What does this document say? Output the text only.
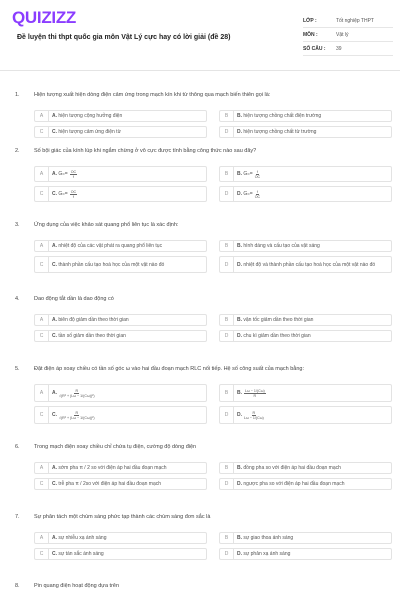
QUIZIZZ
Đề luyện thi thpt quốc gia môn Vật Lý cực hay có lời giải (đề 28)
LỚP :	Tốt nghiệp THPT
MÔN :	Vật lý
SỐ CÂU :	39
1.	Hiện tượng xuất hiện dòng điện cảm ứng trong mạch kín khi từ thông qua mạch biến thiên gọi là:
A	A.
hiện tượng cộng hưởng điện	B	B.
hiện tượng chồng chất điện trường
C	C.
hiện tượng cảm ứng điện từ	D	D.
hiện tượng chồng chất từ trường
2.	Số bội giác của kính lúp khi ngắm chừng ở vô cực được tính bằng công thức nào sau đây?
A	A.
G ∞ = $\frac{OC}{f}$	B	B.
G ∞ = $\frac{f}{OC}$
C	C.
G ∞ = $\frac{OC}{f}$	D	D.
G ∞ = $\frac{f}{OC}$
3.	Ứng dụng của việc khảo sát quang phổ liên tục là xác định:
A	A.
nhiệt độ của các vật phát ra quang phổ liên tục	B	B.
hình dáng và cấu tạo của vật sáng
C	C. thành phần cấu tạo hoá học của một vật nào đó	D	D. nhiệt độ và thành phần cấu tạo hoá học của một vật nào đó
4.	Dao động tắt dần là dao động có
A	A.
biên độ giảm dần theo thời gian	B	B.
vận tốc giảm dần theo thời gian
C	C.
tần số giảm dần theo thời gian	D	D.
chu kì giảm dần theo thời gian
5.	Đặt điện áp xoay chiều có tần số góc ω vào hai đầu đoạn mạch RLC nối tiếp. Hệ số công suất của mạch bằng:
A	A. $\frac{R}{\text{√(R² + (Lω − 1/(Cω))²)}}$	B	B. $\frac{L\omega - 1/(C\omega)}{R}$
C	C. $\frac{R}{\text{√(R² + (Lω − 1/(Cω))²)}}$	D	D. $\frac{R}{L\omega - 1/(C\omega)}$
6.	Trong mạch điện xoay chiều chỉ chứa tụ điện, cường độ dòng điện
A	A.
sớm pha π / 2 so với điện áp hai đầu đoạn mạch	B	B.
đồng pha so với điện áp hai đầu đoạn mạch
C	C.
trễ pha π / 2so với điện áp hai đầu đoạn mạch	D	D.
ngược pha so với điện áp hai đầu đoạn mạch
7.	Sự phân tách một chùm sáng phức tạp thành các chùm sáng đơn sắc là
A	A.
sự nhiễu xạ ánh sáng	B	B.
sự giao thoa ánh sáng
C	C.
sự tán sắc ánh sáng	D	D.
sự phản xạ ánh sáng
8.	Pin quang điện hoạt động dựa trên
